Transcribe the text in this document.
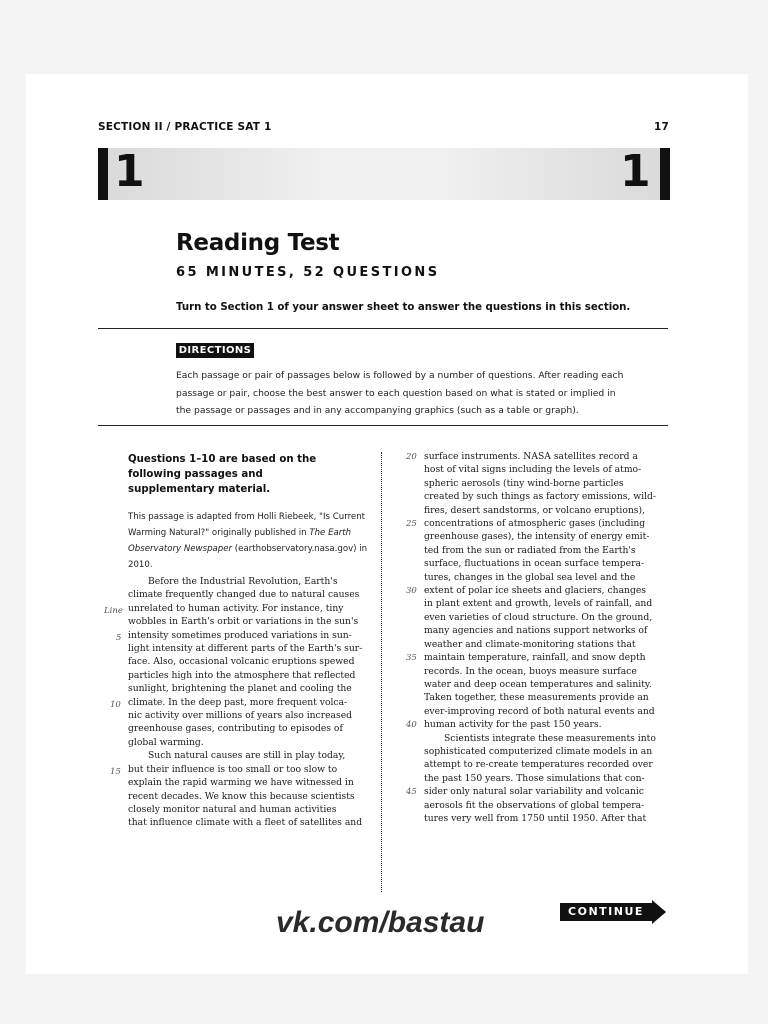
SECTION II / PRACTICE SAT 1	17
1	1
Reading Test
65 MINUTES, 52 QUESTIONS
Turn to Section 1 of your answer sheet to answer the questions in this section.
DIRECTIONS
Each passage or pair of passages below is followed by a number of questions. After reading each passage or pair, choose the best answer to each question based on what is stated or implied in the passage or passages and in any accompanying graphics (such as a table or graph).
Questions 1–10 are based on the following passages and supplementary material.
This passage is adapted from Holli Riebeek, "Is Current Warming Natural?" originally published in The Earth Observatory Newspaper (earthobservatory.nasa.gov) in 2010.
Before the Industrial Revolution, Earth's
climate frequently changed due to natural causes
unrelated to human activity. For instance, tiny
wobbles in Earth's orbit or variations in the sun's
intensity sometimes produced variations in sun-
light intensity at different parts of the Earth's sur-
face. Also, occasional volcanic eruptions spewed
particles high into the atmosphere that reflected
sunlight, brightening the planet and cooling the
climate. In the deep past, more frequent volca-
nic activity over millions of years also increased
greenhouse gases, contributing to episodes of
global warming.
Such natural causes are still in play today,
but their influence is too small or too slow to
explain the rapid warming we have witnessed in
recent decades. We know this because scientists
closely monitor natural and human activities
that influence climate with a fleet of satellites and
surface instruments. NASA satellites record a
host of vital signs including the levels of atmo-
spheric aerosols (tiny wind-borne particles
created by such things as factory emissions, wild-
fires, desert sandstorms, or volcano eruptions),
concentrations of atmospheric gases (including
greenhouse gases), the intensity of energy emit-
ted from the sun or radiated from the Earth's
surface, fluctuations in ocean surface tempera-
tures, changes in the global sea level and the
extent of polar ice sheets and glaciers, changes
in plant extent and growth, levels of rainfall, and
even varieties of cloud structure. On the ground,
many agencies and nations support networks of
weather and climate-monitoring stations that
maintain temperature, rainfall, and snow depth
records. In the ocean, buoys measure surface
water and deep ocean temperatures and salinity.
Taken together, these measurements provide an
ever-improving record of both natural events and
human activity for the past 150 years.
Scientists integrate these measurements into
sophisticated computerized climate models in an
attempt to re-create temperatures recorded over
the past 150 years. Those simulations that con-
sider only natural solar variability and volcanic
aerosols fit the observations of global tempera-
tures very well from 1750 until 1950. After that
Line
5
10
15
20
25
30
35
40
45
CONTINUE
vk.com/bastau
